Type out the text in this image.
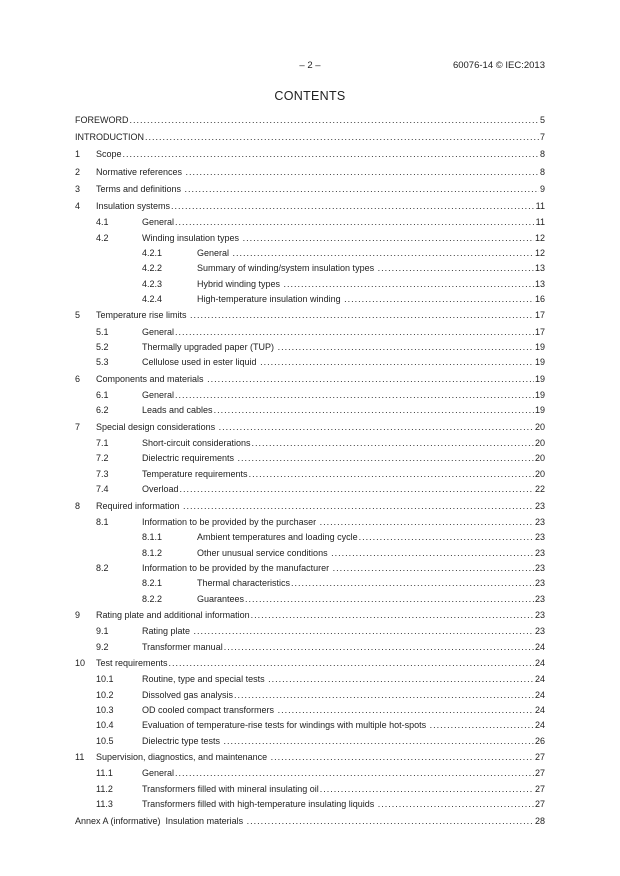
– 2 –	60076-14 © IEC:2013
CONTENTS
FOREWORD .....	5
INTRODUCTION .....	7
1	Scope .....	8
2	Normative references .....	8
3	Terms and definitions .....	9
4	Insulation systems .....	11
4.1	General .....	11
4.2	Winding insulation types .....	12
4.2.1	General .....	12
4.2.2	Summary of winding/system insulation types .....	13
4.2.3	Hybrid winding types .....	13
4.2.4	High-temperature insulation winding .....	16
5	Temperature rise limits .....	17
5.1	General .....	17
5.2	Thermally upgraded paper (TUP) .....	19
5.3	Cellulose used in ester liquid .....	19
6	Components and materials .....	19
6.1	General .....	19
6.2	Leads and cables .....	19
7	Special design considerations .....	20
7.1	Short-circuit considerations .....	20
7.2	Dielectric requirements .....	20
7.3	Temperature requirements .....	20
7.4	Overload .....	22
8	Required information .....	23
8.1	Information to be provided by the purchaser .....	23
8.1.1	Ambient temperatures and loading cycle .....	23
8.1.2	Other unusual service conditions .....	23
8.2	Information to be provided by the manufacturer .....	23
8.2.1	Thermal characteristics .....	23
8.2.2	Guarantees .....	23
9	Rating plate and additional information .....	23
9.1	Rating plate .....	23
9.2	Transformer manual .....	24
10	Test requirements .....	24
10.1	Routine, type and special tests .....	24
10.2	Dissolved gas analysis .....	24
10.3	OD cooled compact transformers .....	24
10.4	Evaluation of temperature-rise tests for windings with multiple hot-spots .....	24
10.5	Dielectric type tests .....	26
11	Supervision, diagnostics, and maintenance .....	27
11.1	General .....	27
11.2	Transformers filled with mineral insulating oil .....	27
11.3	Transformers filled with high-temperature insulating liquids .....	27
Annex A (informative)  Insulation materials .....	28
